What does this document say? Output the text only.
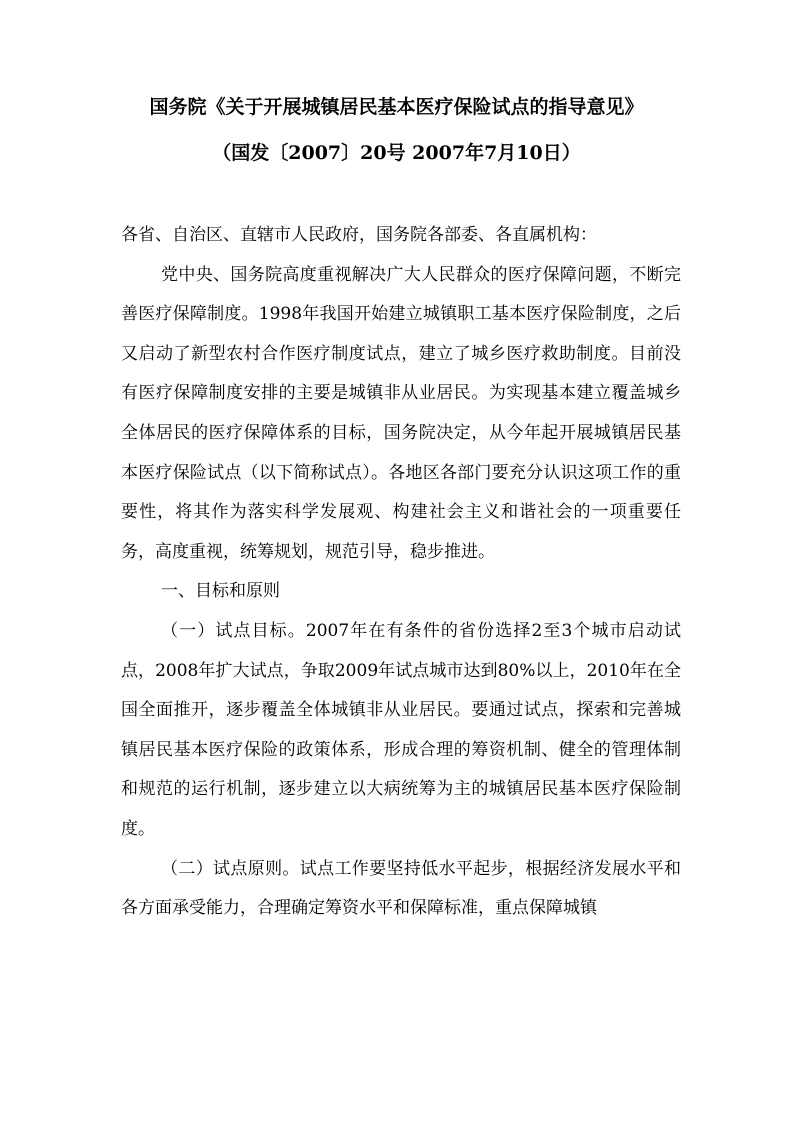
国务院《关于开展城镇居民基本医疗保险试点的指导意见》
（国发〔2007〕20号 2007年7月10日）

各省、自治区、直辖市人民政府，国务院各部委、各直属机构：

党中央、国务院高度重视解决广大人民群众的医疗保障问题，不断完善医疗保障制度。1998年我国开始建立城镇职工基本医疗保险制度，之后又启动了新型农村合作医疗制度试点，建立了城乡医疗救助制度。目前没有医疗保障制度安排的主要是城镇非从业居民。为实现基本建立覆盖城乡全体居民的医疗保障体系的目标，国务院决定，从今年起开展城镇居民基本医疗保险试点（以下简称试点）。各地区各部门要充分认识这项工作的重要性，将其作为落实科学发展观、构建社会主义和谐社会的一项重要任务，高度重视，统筹规划，规范引导，稳步推进。

一、目标和原则

（一）试点目标。2007年在有条件的省份选择2至3个城市启动试点，2008年扩大试点，争取2009年试点城市达到80%以上，2010年在全国全面推开，逐步覆盖全体城镇非从业居民。要通过试点，探索和完善城镇居民基本医疗保险的政策体系，形成合理的筹资机制、健全的管理体制和规范的运行机制，逐步建立以大病统筹为主的城镇居民基本医疗保险制度。

（二）试点原则。试点工作要坚持低水平起步，根据经济发展水平和各方面承受能力，合理确定筹资水平和保障标准，重点保障城镇
